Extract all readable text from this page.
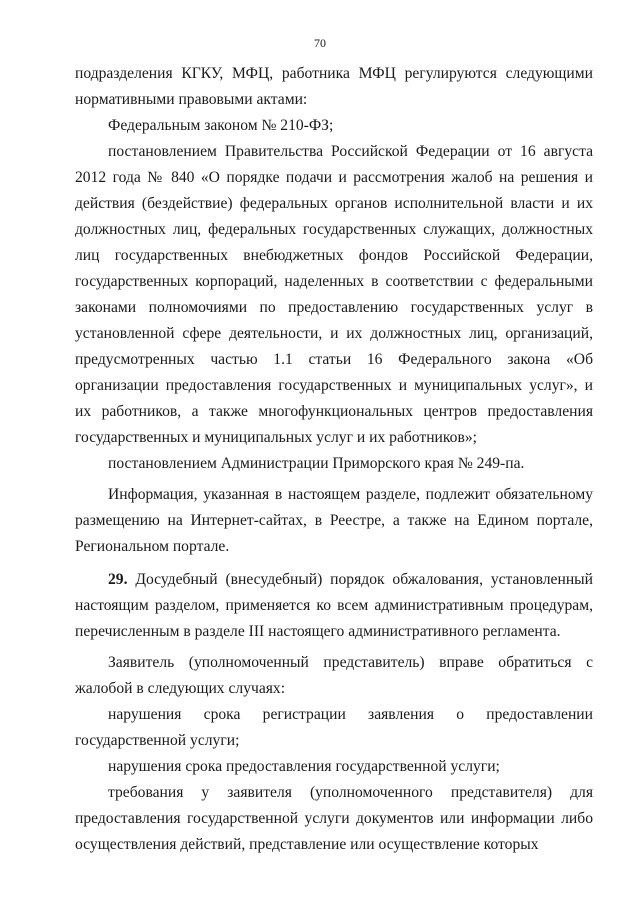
70

подразделения КГКУ, МФЦ, работника МФЦ регулируются следующими нормативными правовыми актами:

Федеральным законом № 210-ФЗ;

постановлением Правительства Российской Федерации от 16 августа 2012 года № 840 «О порядке подачи и рассмотрения жалоб на решения и действия (бездействие) федеральных органов исполнительной власти и их должностных лиц, федеральных государственных служащих, должностных лиц государственных внебюджетных фондов Российской Федерации, государственных корпораций, наделенных в соответствии с федеральными законами полномочиями по предоставлению государственных услуг в установленной сфере деятельности, и их должностных лиц, организаций, предусмотренных частью 1.1 статьи 16 Федерального закона «Об организации предоставления государственных и муниципальных услуг», и их работников, а также многофункциональных центров предоставления государственных и муниципальных услуг и их работников»;

постановлением Администрации Приморского края № 249-па.

Информация, указанная в настоящем разделе, подлежит обязательному размещению на Интернет-сайтах, в Реестре, а также на Едином портале, Региональном портале.

29. Досудебный (внесудебный) порядок обжалования, установленный настоящим разделом, применяется ко всем административным процедурам, перечисленным в разделе III настоящего административного регламента.

Заявитель (уполномоченный представитель) вправе обратиться с жалобой в следующих случаях:

нарушения срока регистрации заявления о предоставлении государственной услуги;

нарушения срока предоставления государственной услуги;

требования у заявителя (уполномоченного представителя) для предоставления государственной услуги документов или информации либо осуществления действий, представление или осуществление которых
